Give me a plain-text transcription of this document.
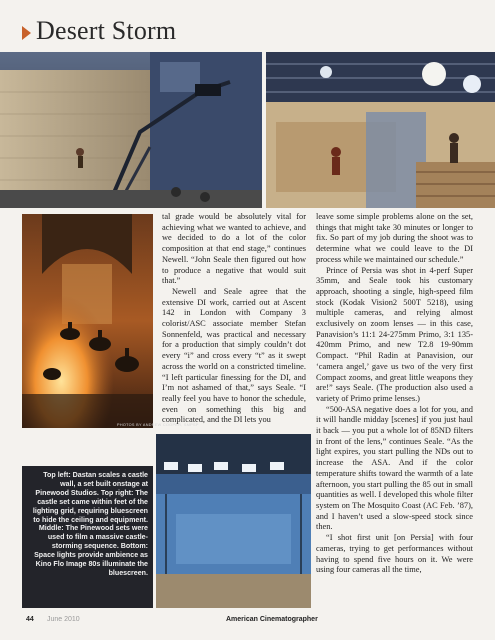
Desert Storm
PHOTOS BY ANDREW COOPER, SMPSP
Top left: Dastan scales a castle wall, a set built onstage at Pinewood Studios. Top right: The castle set came within feet of the lighting grid, requiring bluescreen to hide the ceiling and equipment. Middle: The Pinewood sets were used to film a massive castle-storming sequence. Bottom: Space lights provide ambience as Kino Flo Image 80s illuminate the bluescreen.

tal grade would be absolutely vital for achieving what we wanted to achieve, and we decided to do a lot of the color composition at that end stage,” continues Newell. “John Seale then figured out how to produce a negative that would suit that.”

Newell and Seale agree that the extensive DI work, carried out at Ascent 142 in London with Company 3 colorist/ASC associate member Stefan Sonnenfeld, was practical and necessary for a production that simply couldn’t dot every “i” and cross every “t” as it swept across the world on a constricted timeline. “I left particular finessing for the DI, and I’m not ashamed of that,” says Seale. “I really feel you have to honor the schedule, even on something this big and complicated, and the DI lets you

leave some simple problems alone on the set, things that might take 30 minutes or longer to fix. So part of my job during the shoot was to determine what we could leave to the DI process while we maintained our schedule.”

Prince of Persia was shot in 4-perf Super 35mm, and Seale took his customary approach, shooting a single, high-speed film stock (Kodak Vision2 500T 5218), using multiple cameras, and relying almost exclusively on zoom lenses — in this case, Panavision’s 11:1 24-275mm Primo, 3:1 135-420mm Primo, and new T2.8 19-90mm Compact. “Phil Radin at Panavision, our ‘camera angel,’ gave us two of the very first Compact zooms, and great little weapons they are!” says Seale. (The production also used a variety of Primo prime lenses.)

“500-ASA negative does a lot for you, and it will handle midday [scenes] if you just haul it back — you put a whole lot of 85ND filters in front of the lens,” continues Seale. “As the light expires, you start pulling the NDs out to increase the ASA. And if the color temperature shifts toward the warmth of a late afternoon, you start pulling the 85 out in small quantities as well. I developed this whole filter system on The Mosquito Coast (AC Feb. ’87), and I haven’t used a slow-speed stock since then.

“I shot first unit [on Persia] with four cameras, trying to get performances without having to spend five hours on it. We were using four cameras all the time,

44 June 2010	American Cinematographer
